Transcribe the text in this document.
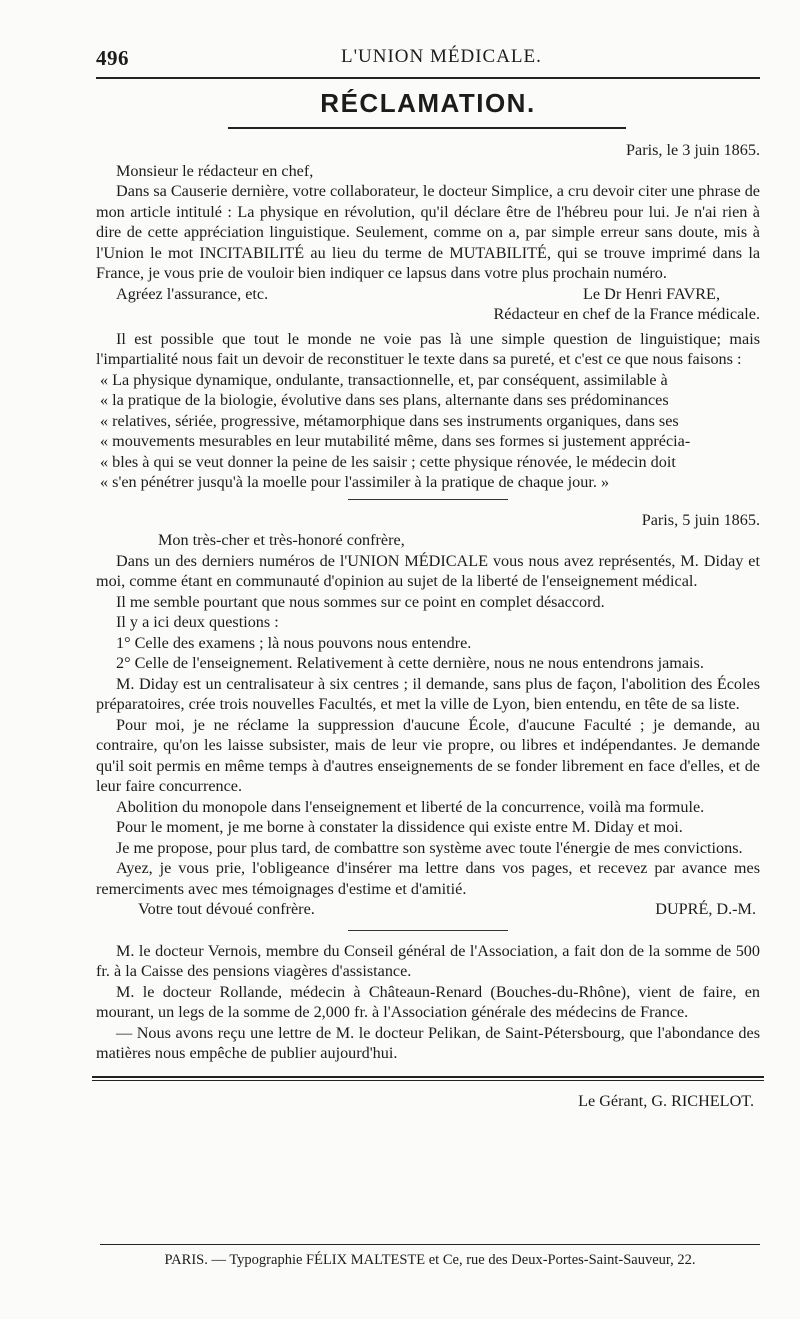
496	L'UNION MÉDICALE.
RÉCLAMATION.

Paris, le 3 juin 1865.

Monsieur le rédacteur en chef,

Dans sa Causerie dernière, votre collaborateur, le docteur Simplice, a cru devoir citer une phrase de mon article intitulé : La physique en révolution, qu'il déclare être de l'hébreu pour lui. Je n'ai rien à dire de cette appréciation linguistique. Seulement, comme on a, par simple erreur sans doute, mis à l'Union le mot INCITABILITÉ au lieu du terme de MUTABILITÉ, qui se trouve imprimé dans la France, je vous prie de vouloir bien indiquer ce lapsus dans votre plus prochain numéro.

Agréez l'assurance, etc.	Le Dr Henri FAVRE,

Rédacteur en chef de la France médicale.

Il est possible que tout le monde ne voie pas là une simple question de linguistique; mais l'impartialité nous fait un devoir de reconstituer le texte dans sa pureté, et c'est ce que nous faisons :

« La physique dynamique, ondulante, transactionnelle, et, par conséquent, assimilable à

« la pratique de la biologie, évolutive dans ses plans, alternante dans ses prédominances

« relatives, sériée, progressive, métamorphique dans ses instruments organiques, dans ses

« mouvements mesurables en leur mutabilité même, dans ses formes si justement apprécia-

« bles à qui se veut donner la peine de les saisir ; cette physique rénovée, le médecin doit

« s'en pénétrer jusqu'à la moelle pour l'assimiler à la pratique de chaque jour. »

Paris, 5 juin 1865.

Mon très-cher et très-honoré confrère,

Dans un des derniers numéros de l'UNION MÉDICALE vous nous avez représentés, M. Diday et moi, comme étant en communauté d'opinion au sujet de la liberté de l'enseignement médical.

Il me semble pourtant que nous sommes sur ce point en complet désaccord.

Il y a ici deux questions :

1° Celle des examens ; là nous pouvons nous entendre.

2° Celle de l'enseignement. Relativement à cette dernière, nous ne nous entendrons jamais.

M. Diday est un centralisateur à six centres ; il demande, sans plus de façon, l'abolition des Écoles préparatoires, crée trois nouvelles Facultés, et met la ville de Lyon, bien entendu, en tête de sa liste.

Pour moi, je ne réclame la suppression d'aucune École, d'aucune Faculté ; je demande, au contraire, qu'on les laisse subsister, mais de leur vie propre, ou libres et indépendantes. Je demande qu'il soit permis en même temps à d'autres enseignements de se fonder librement en face d'elles, et de leur faire concurrence.

Abolition du monopole dans l'enseignement et liberté de la concurrence, voilà ma formule.

Pour le moment, je me borne à constater la dissidence qui existe entre M. Diday et moi.

Je me propose, pour plus tard, de combattre son système avec toute l'énergie de mes convictions.

Ayez, je vous prie, l'obligeance d'insérer ma lettre dans vos pages, et recevez par avance mes remerciments avec mes témoignages d'estime et d'amitié.

Votre tout dévoué confrère.	DUPRÉ, D.-M.

M. le docteur Vernois, membre du Conseil général de l'Association, a fait don de la somme de 500 fr. à la Caisse des pensions viagères d'assistance.

M. le docteur Rollande, médecin à Châteaun-Renard (Bouches-du-Rhône), vient de faire, en mourant, un legs de la somme de 2,000 fr. à l'Association générale des médecins de France.

— Nous avons reçu une lettre de M. le docteur Pelikan, de Saint-Pétersbourg, que l'abondance des matières nous empêche de publier aujourd'hui.

Le Gérant, G. RICHELOT.

PARIS. — Typographie FÉLIX MALTESTE et Ce, rue des Deux-Portes-Saint-Sauveur, 22.
